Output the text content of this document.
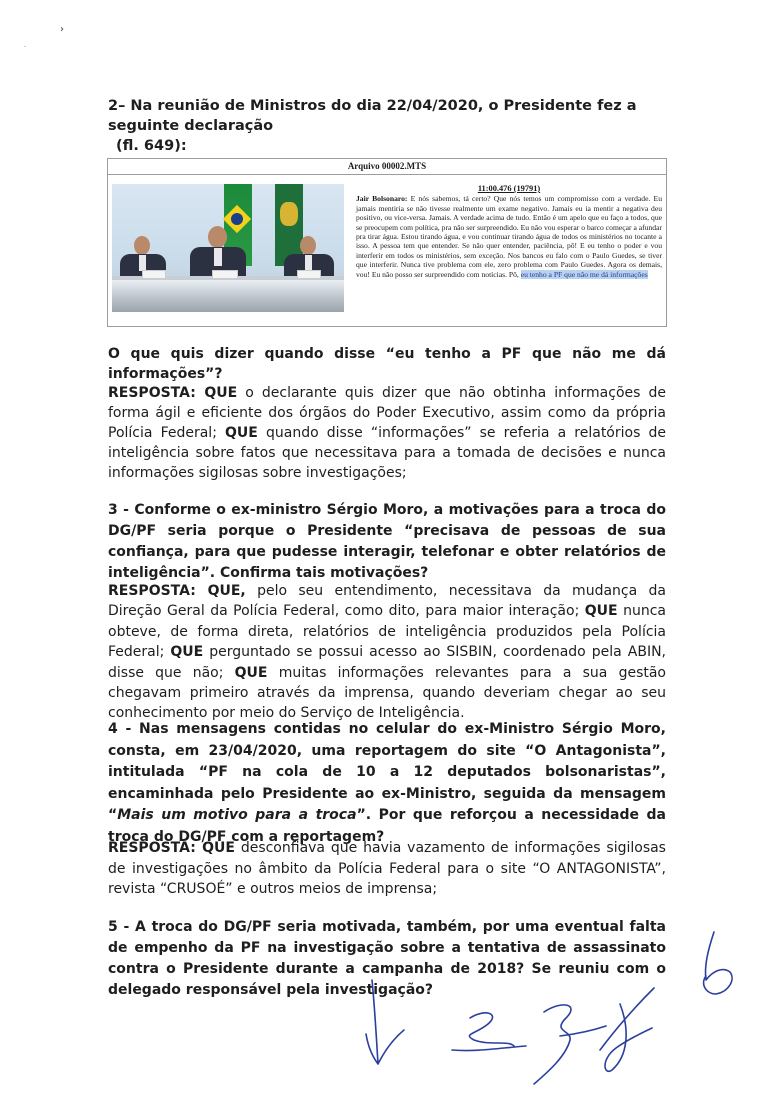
›
·
2– Na reunião de Ministros do dia 22/04/2020, o Presidente fez a seguinte declaração
(fl. 649):
Arquivo 00002.MTS
11:00.476 (19791)
Jair Bolsonaro: E nós sabemos, tá certo? Que nós temos um compromisso com a verdade. Eu jamais mentiria se não tivesse realmente um exame negativo. Jamais eu ia mentir a negativa deu positivo, ou vice-versa. Jamais. A verdade acima de tudo. Então é um apelo que eu faço a todos, que se preocupem com política, pra não ser surpreendido. Eu não vou esperar o barco começar a afundar pra tirar água. Estou tirando água, e vou continuar tirando água de todos os ministérios no tocante a isso. A pessoa tem que entender. Se não quer entender, paciência, pô! E eu tenho o poder e vou interferir em todos os ministérios, sem exceção. Nos bancos eu falo com o Paulo Guedes, se tiver que interferir. Nunca tive problema com ele, zero problema com Paulo Guedes. Agora os demais, vou! Eu não posso ser surpreendido com notícias. Pô, eu tenho a PF que não me dá informações
O que quis dizer quando disse “eu tenho a PF que não me dá informações”?
RESPOSTA: QUE o declarante quis dizer que não obtinha informações de forma ágil e eficiente dos órgãos do Poder Executivo, assim como da própria Polícia Federal; QUE quando disse “informações” se referia a relatórios de inteligência sobre fatos que necessitava para a tomada de decisões e nunca informações sigilosas sobre investigações;
3 - Conforme o ex-ministro Sérgio Moro, a motivações para a troca do DG/PF seria porque o Presidente “precisava de pessoas de sua confiança, para que pudesse interagir, telefonar e obter relatórios de inteligência”. Confirma tais motivações?
RESPOSTA: QUE, pelo seu entendimento, necessitava da mudança da Direção Geral da Polícia Federal, como dito, para maior interação; QUE nunca obteve, de forma direta, relatórios de inteligência produzidos pela Polícia Federal; QUE perguntado se possui acesso ao SISBIN, coordenado pela ABIN, disse que não; QUE muitas informações relevantes para a sua gestão chegavam primeiro através da imprensa, quando deveriam chegar ao seu conhecimento por meio do Serviço de Inteligência.
4 - Nas mensagens contidas no celular do ex-Ministro Sérgio Moro, consta, em 23/04/2020, uma reportagem do site “O Antagonista”, intitulada “PF na cola de 10 a 12 deputados bolsonaristas”, encaminhada pelo Presidente ao ex-Ministro, seguida da mensagem “Mais um motivo para a troca”. Por que reforçou a necessidade da troca do DG/PF com a reportagem?
RESPOSTA: QUE desconfiava que havia vazamento de informações sigilosas de investigações no âmbito da Polícia Federal para o site “O ANTAGONISTA”, revista “CRUSOÉ” e outros meios de imprensa;
5 - A troca do DG/PF seria motivada, também, por uma eventual falta de empenho da PF na investigação sobre a tentativa de assassinato contra o Presidente durante a campanha de 2018? Se reuniu com o delegado responsável pela investigação?
